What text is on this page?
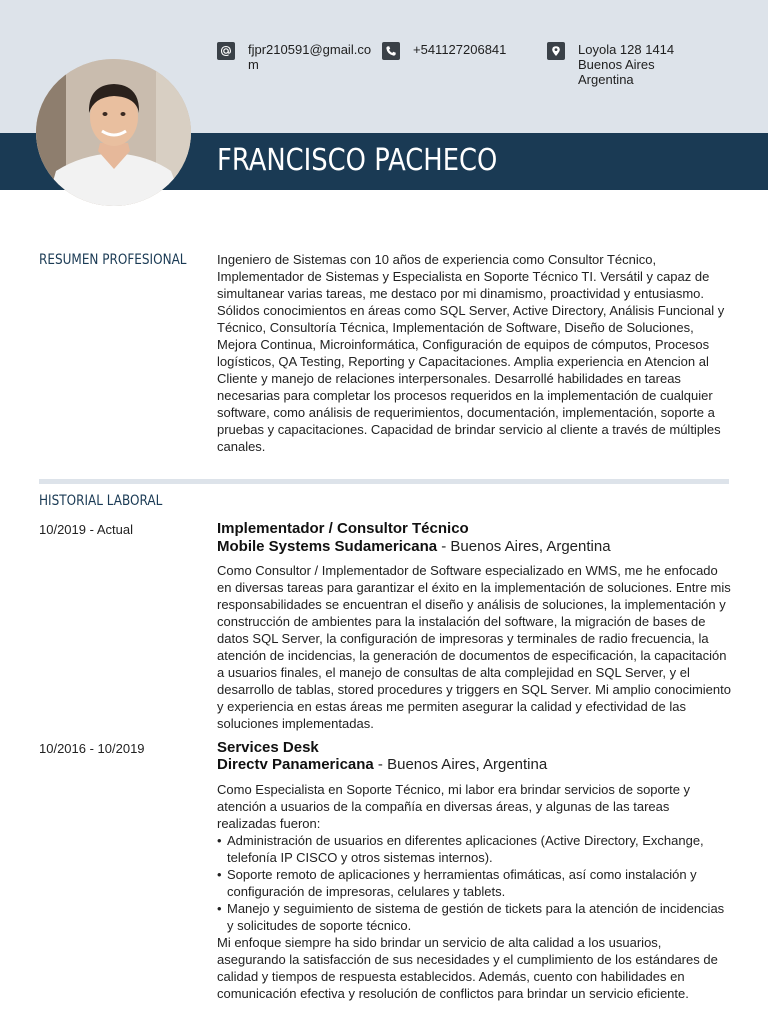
FRANCISCO PACHECO
fjpr210591@gmail.com
+541127206841	Loyola 128 1414
Buenos Aires
Argentina
RESUMEN PROFESIONAL Ingeniero de Sistemas con 10 años de experiencia como Consultor Técnico, Implementador de Sistemas y Especialista en Soporte Técnico TI. Versátil y capaz de simultanear varias tareas, me destaco por mi dinamismo, proactividad y entusiasmo. Sólidos conocimientos en áreas como SQL Server, Active Directory, Análisis Funcional y Técnico, Consultoría Técnica, Implementación de Software, Diseño de Soluciones, Mejora Continua, Microinformática, Configuración de equipos de cómputos, Procesos logísticos, QA Testing, Reporting y Capacitaciones. Amplia experiencia en Atencion al Cliente y manejo de relaciones interpersonales. Desarrollé habilidades en tareas necesarias para completar los procesos requeridos en la implementación de cualquier software, como análisis de requerimientos, documentación, implementación, soporte a pruebas y capacitaciones. Capacidad de brindar servicio al cliente a través de múltiples canales.
HISTORIAL LABORAL
10/2019 - Actual	Implementador / Consultor Técnico
Mobile Systems Sudamericana - Buenos Aires, Argentina
Como Consultor / Implementador de Software especializado en WMS, me he enfocado en diversas tareas para garantizar el éxito en la implementación de soluciones. Entre mis responsabilidades se encuentran el diseño y análisis de soluciones, la implementación y construcción de ambientes para la instalación del software, la migración de bases de datos SQL Server, la configuración de impresoras y terminales de radio frecuencia, la atención de incidencias, la generación de documentos de especificación, la capacitación a usuarios finales, el manejo de consultas de alta complejidad en SQL Server, y el desarrollo de tablas, stored procedures y triggers en SQL Server. Mi amplio conocimiento y experiencia en estas áreas me permiten asegurar la calidad y efectividad de las soluciones implementadas.
10/2016 - 10/2019	Services Desk
Directv Panamericana - Buenos Aires, Argentina
Como Especialista en Soporte Técnico, mi labor era brindar servicios de soporte y atención a usuarios de la compañía en diversas áreas, y algunas de las tareas realizadas fueron:
• Administración de usuarios en diferentes aplicaciones (Active Directory, Exchange, telefonía IP CISCO y otros sistemas internos).
• Soporte remoto de aplicaciones y herramientas ofimáticas, así como instalación y configuración de impresoras, celulares y tablets.
• Manejo y seguimiento de sistema de gestión de tickets para la atención de incidencias y solicitudes de soporte técnico.
Mi enfoque siempre ha sido brindar un servicio de alta calidad a los usuarios, asegurando la satisfacción de sus necesidades y el cumplimiento de los estándares de calidad y tiempos de respuesta establecidos. Además, cuento con habilidades en comunicación efectiva y resolución de conflictos para brindar un servicio eficiente.
